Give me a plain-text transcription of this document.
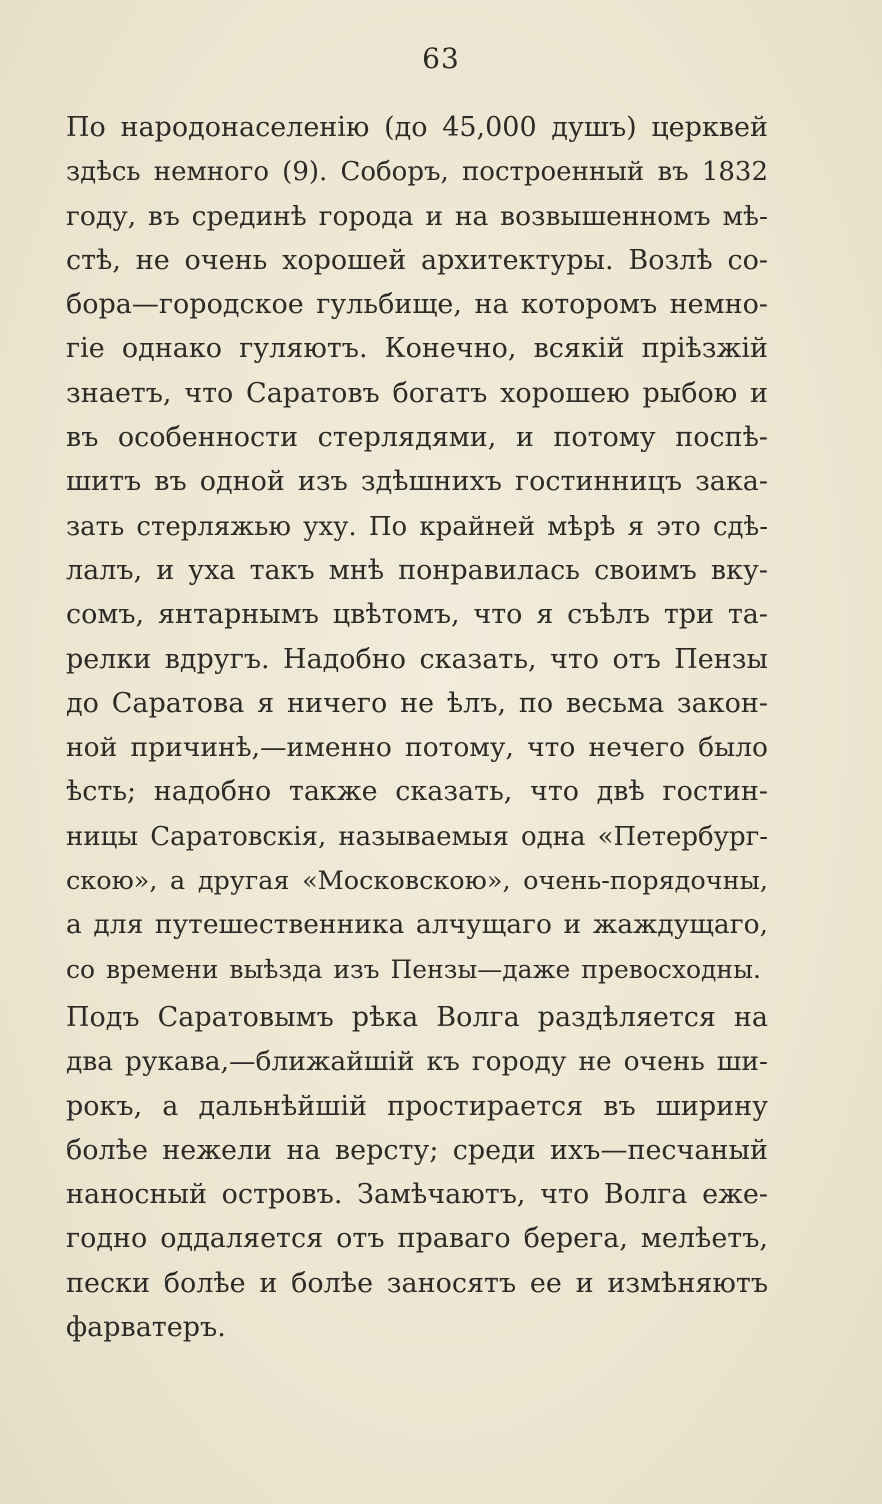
63
По народонаселенію (до 45,000 душъ) церквей
здѣсь немного (9). Соборъ, построенный въ 1832
году, въ срединѣ города и на возвышенномъ мѣ-
стѣ, не очень хорошей архитектуры. Возлѣ со-
бора—городское гульбище, на которомъ немно-
гіе однако гуляютъ. Конечно, всякій пріѣзжій
знаетъ, что Саратовъ богатъ хорошею рыбою и
въ особенности стерлядями, и потому поспѣ-
шитъ въ одной изъ здѣшнихъ гостинницъ зака-
зать стерляжью уху. По крайней мѣрѣ я это сдѣ-
лалъ, и уха такъ мнѣ понравилась своимъ вку-
сомъ, янтарнымъ цвѣтомъ, что я съѣлъ три та-
релки вдругъ. Надобно сказать, что отъ Пензы
до Саратова я ничего не ѣлъ, по весьма закон-
ной причинѣ,—именно потому, что нечего было
ѣсть; надобно также сказать, что двѣ гостин-
ницы Саратовскія, называемыя одна «Петербург-
скою», а другая «Московскою», очень-порядочны,
а для путешественника алчущаго и жаждущаго,
со времени выѣзда изъ Пензы—даже превосходны.
Подъ Саратовымъ рѣка Волга раздѣляется на
два рукава,—ближайшій къ городу не очень ши-
рокъ, а дальнѣйшій простирается въ ширину
болѣе нежели на версту; среди ихъ—песчаный
наносный островъ. Замѣчаютъ, что Волга еже-
годно оддаляется отъ праваго берега, мелѣетъ,
пески болѣе и болѣе заносятъ ее и измѣняютъ
фарватеръ.
